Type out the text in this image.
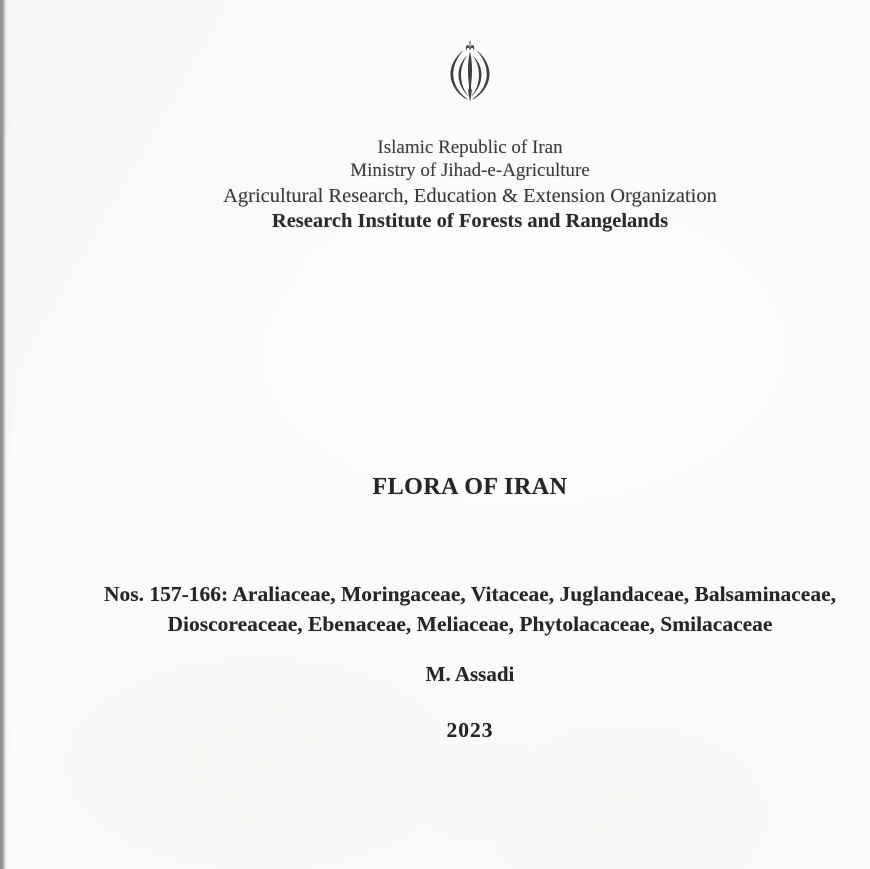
Islamic Republic of Iran
Ministry of Jihad-e-Agriculture
Agricultural Research, Education & Extension Organization
Research Institute of Forests and Rangelands
FLORA OF IRAN
Nos. 157-166: Araliaceae, Moringaceae, Vitaceae, Juglandaceae, Balsaminaceae,
Dioscoreaceae, Ebenaceae, Meliaceae, Phytolacaceae, Smilacaceae
M. Assadi
2023
